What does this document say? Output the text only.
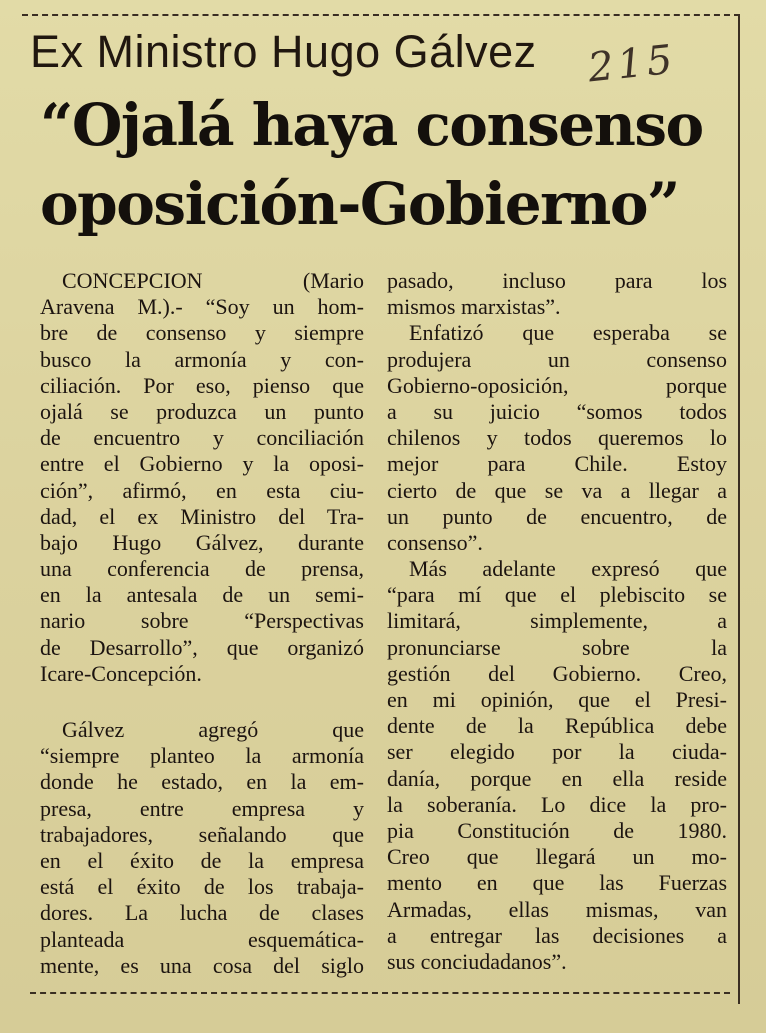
Ex Ministro Hugo Gálvez 215
“Ojalá haya consenso
oposición-Gobierno”
CONCEPCION (Mario
Aravena M.).- “Soy un hom-
bre de consenso y siempre
busco la armonía y con-
ciliación. Por eso, pienso que
ojalá se produzca un punto
de encuentro y conciliación
entre el Gobierno y la oposi-
ción”, afirmó, en esta ciu-
dad, el ex Ministro del Tra-
bajo Hugo Gálvez, durante
una conferencia de prensa,
en la antesala de un semi-
nario sobre “Perspectivas
de Desarrollo”, que organizó
Icare-Concepción.
Gálvez agregó que
“siempre planteo la armonía
donde he estado, en la em-
presa, entre empresa y
trabajadores, señalando que
en el éxito de la empresa
está el éxito de los trabaja-
dores. La lucha de clases
planteada esquemática-
mente, es una cosa del siglo
pasado, incluso para los
mismos marxistas”.
Enfatizó que esperaba se
produjera un consenso
Gobierno-oposición, porque
a su juicio “somos todos
chilenos y todos queremos lo
mejor para Chile. Estoy
cierto de que se va a llegar a
un punto de encuentro, de
consenso”.
Más adelante expresó que
“para mí que el plebiscito se
limitará, simplemente, a
pronunciarse sobre la
gestión del Gobierno. Creo,
en mi opinión, que el Presi-
dente de la República debe
ser elegido por la ciuda-
danía, porque en ella reside
la soberanía. Lo dice la pro-
pia Constitución de 1980.
Creo que llegará un mo-
mento en que las Fuerzas
Armadas, ellas mismas, van
a entregar las decisiones a
sus conciudadanos”.
